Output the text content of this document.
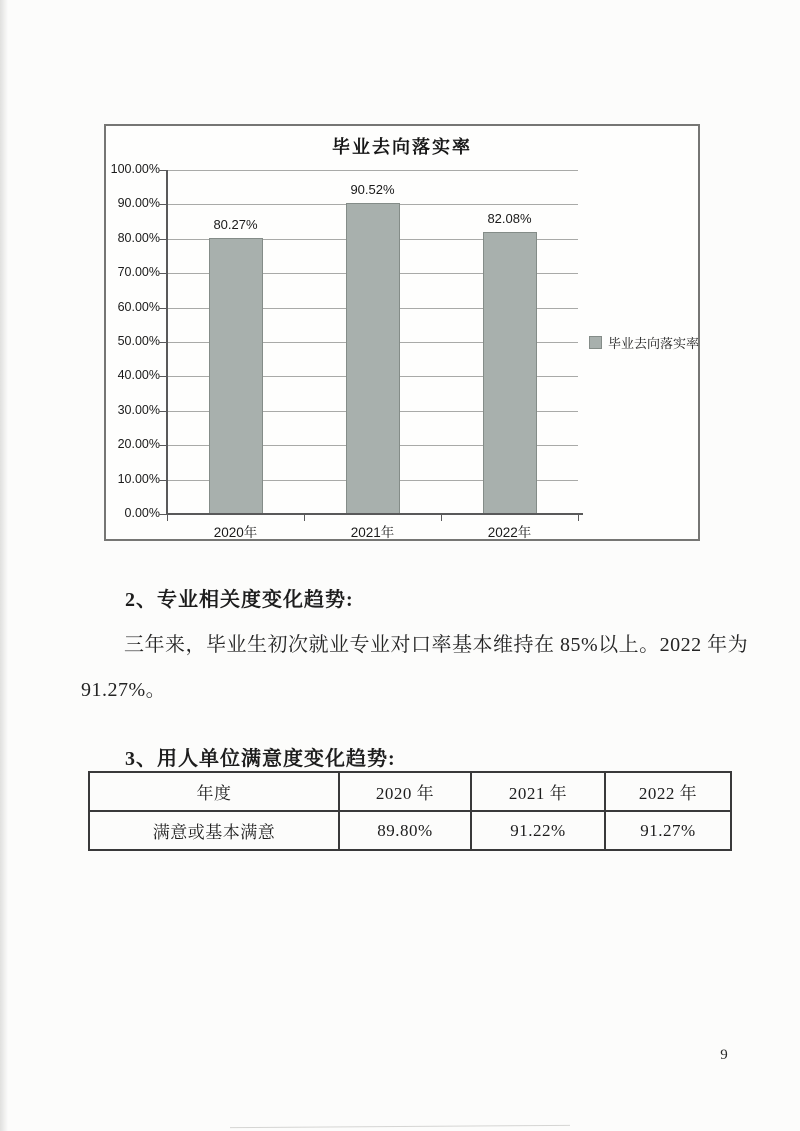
毕业去向落实率
100.00%
90.00%
80.00%
70.00%
60.00%
50.00%
40.00%
30.00%
20.00%
10.00%
0.00%
80.27%
90.52%
82.08%
2020年	2021年	2022年
毕业去向落实率
2、专业相关度变化趋势:
三年来，毕业生初次就业专业对口率基本维持在 85%以上。2022 年为
91.27%。
3、用人单位满意度变化趋势:
年度	2020 年	2021 年	2022 年
满意或基本满意	89.80%	91.22%	91.27%
9
